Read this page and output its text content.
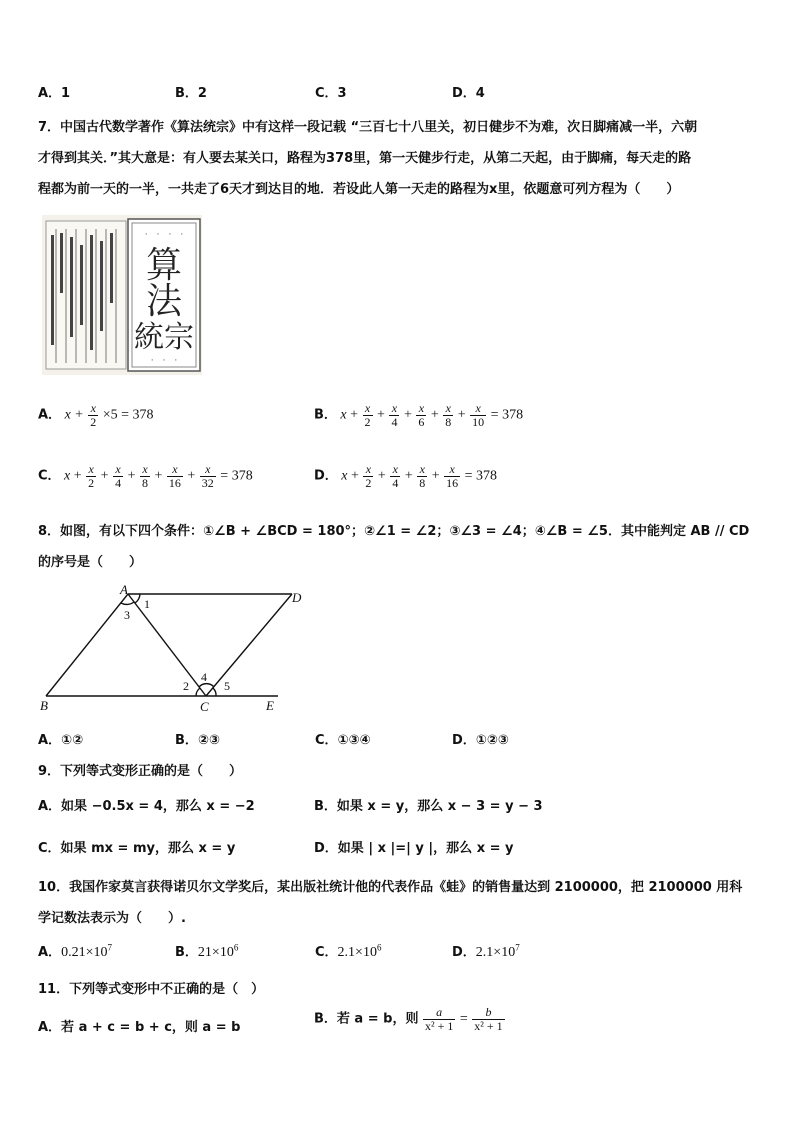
A．1	B．2	C．3	D．4
7．中国古代数学著作《算法统宗》中有这样一段记载 “三百七十八里关，初日健步不为难，次日脚痛减一半，六朝
才得到其关．”其大意是：有人要去某关口，路程为378里，第一天健步行走，从第二天起，由于脚痛，每天走的路
程都为前一天的一半，一共走了6天才到达目的地．若设此人第一天走的路程为x里，依题意可列方程为（　　）
·　·　·　·
算
法
統宗
·　·　·
A． $x + \frac{x}{2} \times 5 = 378$	B． $x + \frac{x}{2} + \frac{x}{4} + \frac{x}{6} + \frac{x}{8} + \frac{x}{10} = 378$
C． $x + \frac{x}{2} + \frac{x}{4} + \frac{x}{8} + \frac{x}{16} + \frac{x}{32} = 378$	D． $x + \frac{x}{2} + \frac{x}{4} + \frac{x}{8} + \frac{x}{16} = 378$
8．如图，有以下四个条件：①∠B + ∠BCD = 180°；②∠1 = ∠2；③∠3 = ∠4；④∠B = ∠5．其中能判定 AB // CD
的序号是（　　）
A
D
B	C	E
1
3
2
4
5
A．①②	B．②③	C．①③④	D．①②③
9．下列等式变形正确的是（　　）
A．如果 −0.5x = 4，那么 x = −2	B．如果 x = y，那么 x − 3 = y − 3
C．如果 mx = my，那么 x = y	D．如果 | x |=| y |，那么 x = y
10．我国作家莫言获得诺贝尔文学奖后，某出版社统计他的代表作品《蛙》的销售量达到 2100000，把 2100000 用科
学记数法表示为（　　）.
A．$0.21\times 10^7$	B．$21\times 10^6$	C．$2.1\times 10^6$	D．$2.1\times 10^7$
11．下列等式变形中不正确的是（　）
A．若 a + c = b + c，则 a = b
B．若 a = b，则 $\frac{a}{\text{x² + 1}} = \frac{b}{\text{x² + 1}}$
